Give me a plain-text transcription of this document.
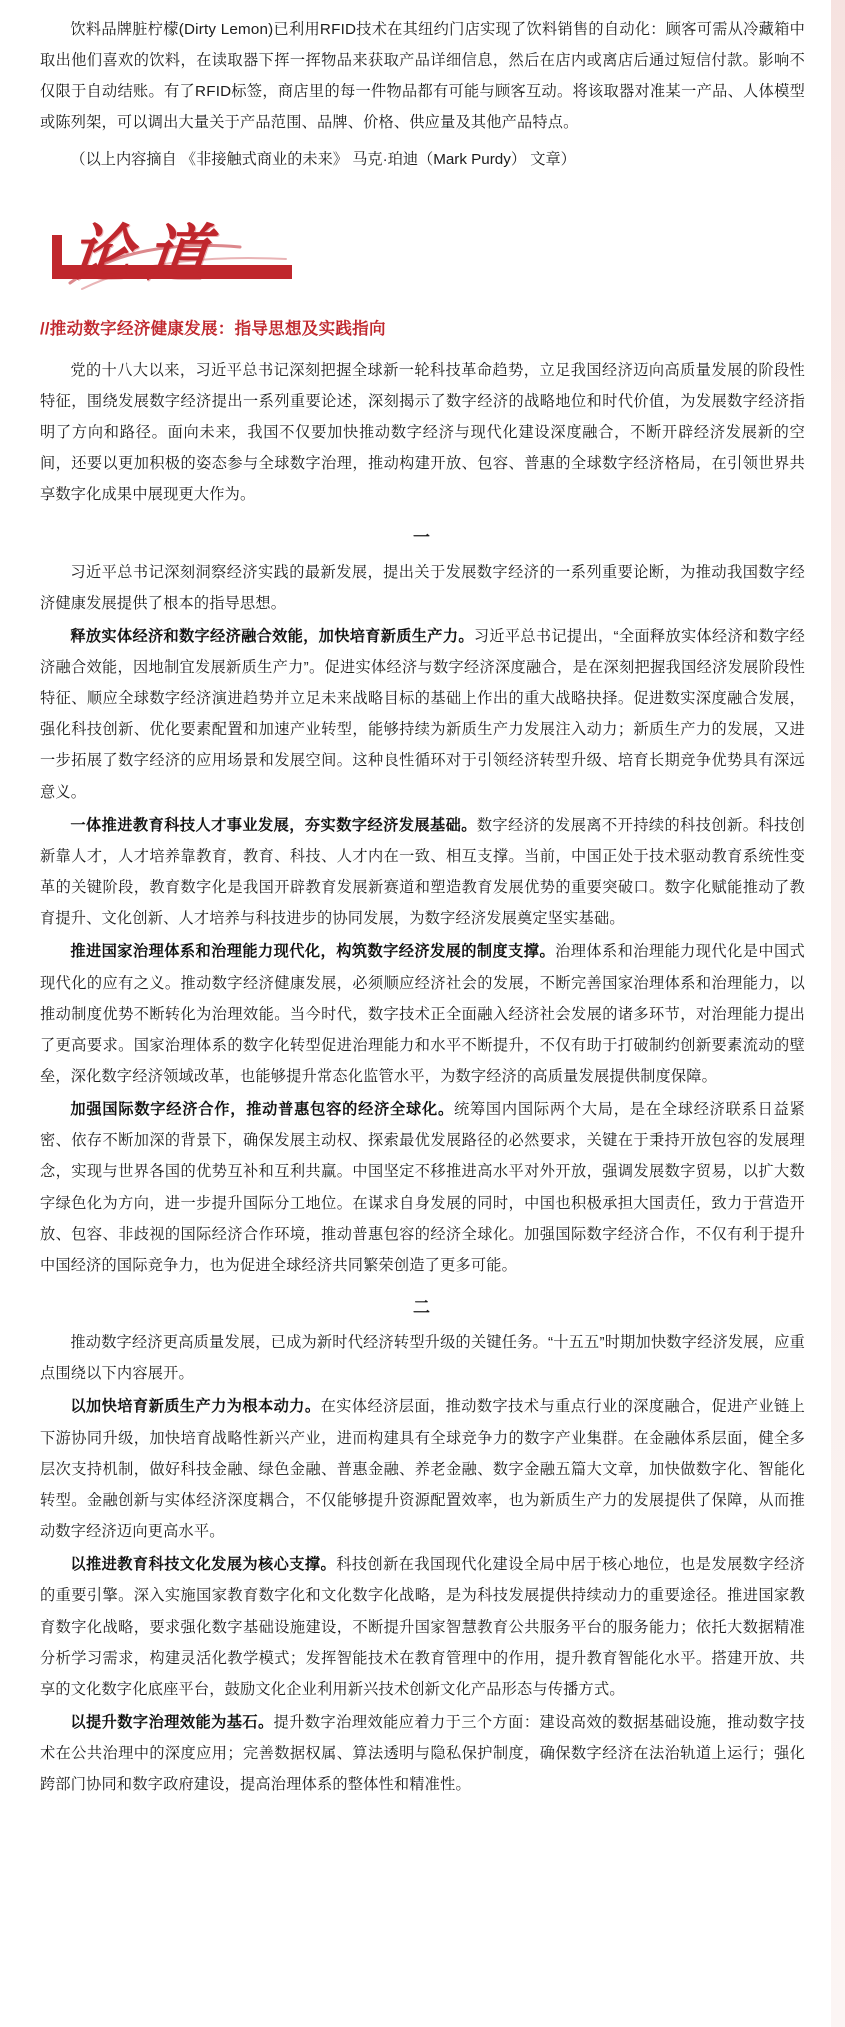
饮料品牌脏柠檬(Dirty Lemon)已利用RFID技术在其纽约门店实现了饮料销售的自动化：顾客可需从冷藏箱中取出他们喜欢的饮料，在读取器下挥一挥物品来获取产品详细信息，然后在店内或离店后通过短信付款。影响不仅限于自动结账。有了RFID标签，商店里的每一件物品都有可能与顾客互动。将该取器对准某一产品、人体模型或陈列架，可以调出大量关于产品范围、品牌、价格、供应量及其他产品特点。

（以上内容摘自 《非接触式商业的未来》 马克·珀迪（Mark Purdy） 文章）

论道
//推动数字经济健康发展：指导思想及实践指向

党的十八大以来，习近平总书记深刻把握全球新一轮科技革命趋势，立足我国经济迈向高质量发展的阶段性特征，围绕发展数字经济提出一系列重要论述，深刻揭示了数字经济的战略地位和时代价值，为发展数字经济指明了方向和路径。面向未来，我国不仅要加快推动数字经济与现代化建设深度融合，不断开辟经济发展新的空间，还要以更加积极的姿态参与全球数字治理，推动构建开放、包容、普惠的全球数字经济格局，在引领世界共享数字化成果中展现更大作为。

一

习近平总书记深刻洞察经济实践的最新发展，提出关于发展数字经济的一系列重要论断，为推动我国数字经济健康发展提供了根本的指导思想。

释放实体经济和数字经济融合效能，加快培育新质生产力。习近平总书记提出，“全面释放实体经济和数字经济融合效能，因地制宜发展新质生产力”。促进实体经济与数字经济深度融合，是在深刻把握我国经济发展阶段性特征、顺应全球数字经济演进趋势并立足未来战略目标的基础上作出的重大战略抉择。促进数实深度融合发展，强化科技创新、优化要素配置和加速产业转型，能够持续为新质生产力发展注入动力；新质生产力的发展，又进一步拓展了数字经济的应用场景和发展空间。这种良性循环对于引领经济转型升级、培育长期竞争优势具有深远意义。

一体推进教育科技人才事业发展，夯实数字经济发展基础。数字经济的发展离不开持续的科技创新。科技创新靠人才，人才培养靠教育，教育、科技、人才内在一致、相互支撑。当前，中国正处于技术驱动教育系统性变革的关键阶段，教育数字化是我国开辟教育发展新赛道和塑造教育发展优势的重要突破口。数字化赋能推动了教育提升、文化创新、人才培养与科技进步的协同发展，为数字经济发展奠定坚实基础。

推进国家治理体系和治理能力现代化，构筑数字经济发展的制度支撑。治理体系和治理能力现代化是中国式现代化的应有之义。推动数字经济健康发展，必须顺应经济社会的发展，不断完善国家治理体系和治理能力，以推动制度优势不断转化为治理效能。当今时代，数字技术正全面融入经济社会发展的诸多环节，对治理能力提出了更高要求。国家治理体系的数字化转型促进治理能力和水平不断提升，不仅有助于打破制约创新要素流动的壁垒，深化数字经济领域改革，也能够提升常态化监管水平，为数字经济的高质量发展提供制度保障。

加强国际数字经济合作，推动普惠包容的经济全球化。统筹国内国际两个大局，是在全球经济联系日益紧密、依存不断加深的背景下，确保发展主动权、探索最优发展路径的必然要求，关键在于秉持开放包容的发展理念，实现与世界各国的优势互补和互利共赢。中国坚定不移推进高水平对外开放，强调发展数字贸易，以扩大数字绿色化为方向，进一步提升国际分工地位。在谋求自身发展的同时，中国也积极承担大国责任，致力于营造开放、包容、非歧视的国际经济合作环境，推动普惠包容的经济全球化。加强国际数字经济合作，不仅有利于提升中国经济的国际竞争力，也为促进全球经济共同繁荣创造了更多可能。

二

推动数字经济更高质量发展，已成为新时代经济转型升级的关键任务。“十五五”时期加快数字经济发展，应重点围绕以下内容展开。

以加快培育新质生产力为根本动力。在实体经济层面，推动数字技术与重点行业的深度融合，促进产业链上下游协同升级，加快培育战略性新兴产业，进而构建具有全球竞争力的数字产业集群。在金融体系层面，健全多层次支持机制，做好科技金融、绿色金融、普惠金融、养老金融、数字金融五篇大文章，加快做数字化、智能化转型。金融创新与实体经济深度耦合，不仅能够提升资源配置效率，也为新质生产力的发展提供了保障，从而推动数字经济迈向更高水平。

以推进教育科技文化发展为核心支撑。科技创新在我国现代化建设全局中居于核心地位，也是发展数字经济的重要引擎。深入实施国家教育数字化和文化数字化战略，是为科技发展提供持续动力的重要途径。推进国家教育数字化战略，要求强化数字基础设施建设，不断提升国家智慧教育公共服务平台的服务能力；依托大数据精准分析学习需求，构建灵活化教学模式；发挥智能技术在教育管理中的作用，提升教育智能化水平。搭建开放、共享的文化数字化底座平台，鼓励文化企业利用新兴技术创新文化产品形态与传播方式。

以提升数字治理效能为基石。提升数字治理效能应着力于三个方面：建设高效的数据基础设施，推动数字技术在公共治理中的深度应用；完善数据权属、算法透明与隐私保护制度，确保数字经济在法治轨道上运行；强化跨部门协同和数字政府建设，提高治理体系的整体性和精准性。
